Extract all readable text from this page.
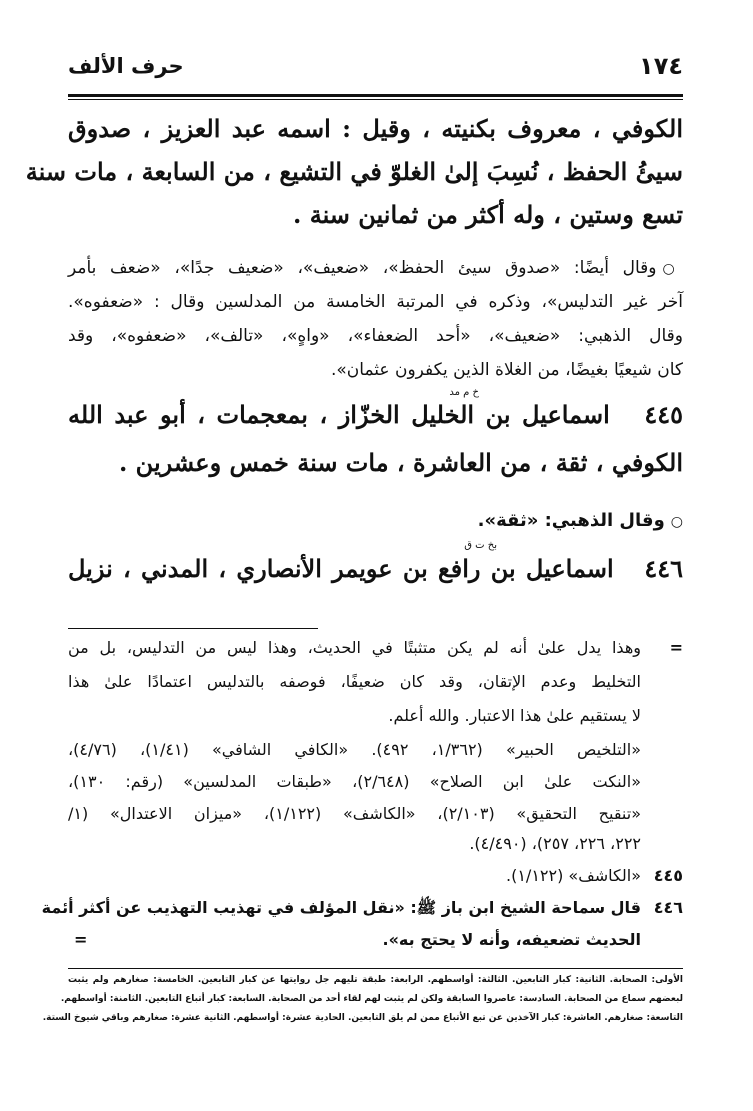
١٧٤
حرف الألف
الكوفي ، معروف بكنيته ، وقيل : اسمه عبد العزيز ، صدوق
سيئُ الحفظ ، نُسِبَ إلىٰ الغلوّ في التشيع ، من السابعة ، مات سنة
تسع وستين ، وله أكثر من ثمانين سنة .
○وقال أيضًا: «صدوق سيئ الحفظ»، «ضعيف»، «ضعيف جدًا»، «ضعف بأمر
آخر غير التدليس»، وذكره في المرتبة الخامسة من المدلسين وقال : «ضعفوه».
وقال الذهبي: «ضعيف»، «أحد الضعفاء»، «واهٍ»، «تالف»، «ضعفوه»، وقد
كان شيعيًا بغيضًا، من الغلاة الذين يكفرون عثمان».
خ م مد
٤٤٥   اسماعيل بن الخليل الخزّاز ، بمعجمات ، أبو عبد الله
الكوفي ، ثقة ، من العاشرة ، مات سنة خمس وعشرين .
○وقال الذهبي: «ثقة».
بخ ت ق
٤٤٦   اسماعيل بن رافع بن عويمر الأنصاري ، المدني ، نزيل
=
وهذا يدل علىٰ أنه لم يكن متثبتًا في الحديث، وهذا ليس من التدليس، بل من
التخليط وعدم الإتقان، وقد كان ضعيفًا، فوصفه بالتدليس اعتمادًا علىٰ هذا
لا يستقيم علىٰ هذا الاعتبار. والله أعلم.
«التلخيص الحبير» (١/٣٦٢، ٤٩٢). «الكافي الشافي» (١/٤١)، (٤/٧٦)،
«النكت علىٰ ابن الصلاح» (٢/٦٤٨)، «طبقات المدلسين» (رقم: ١٣٠)،
«تنقيح التحقيق» (٢/١٠٣)، «الكاشف» (١/١٢٢)، «ميزان الاعتدال» (١/
٢٢٢، ٢٢٦، ٢٥٧)، (٤/٤٩٠).
٤٤٥
«الكاشف» (١/١٢٢).
٤٤٦
قال سماحة الشيخ ابن باز ﷺ: «نقل المؤلف في تهذيب التهذيب عن أكثر أئمة
الحديث تضعيفه، وأنه لا يحتج به».
=
الأولى: الصحابة. الثانية: كبار التابعين. الثالثة: أواسطهم. الرابعة: طبقة تليهم جل روايتها عن كبار التابعين. الخامسة: صغارهم ولم يثبت
لبعضهم سماع من الصحابة. السادسة: عاصروا السابقة ولكن لم يثبت لهم لقاء أحد من الصحابة. السابعة: كبار أتباع التابعين. الثامنة: أواسطهم.
التاسعة: صغارهم. العاشرة: كبار الآخذين عن تبع الأتباع ممن لم يلق التابعين. الحادية عشرة: أواسطهم. الثانية عشرة: صغارهم وباقي شيوخ الستة.
